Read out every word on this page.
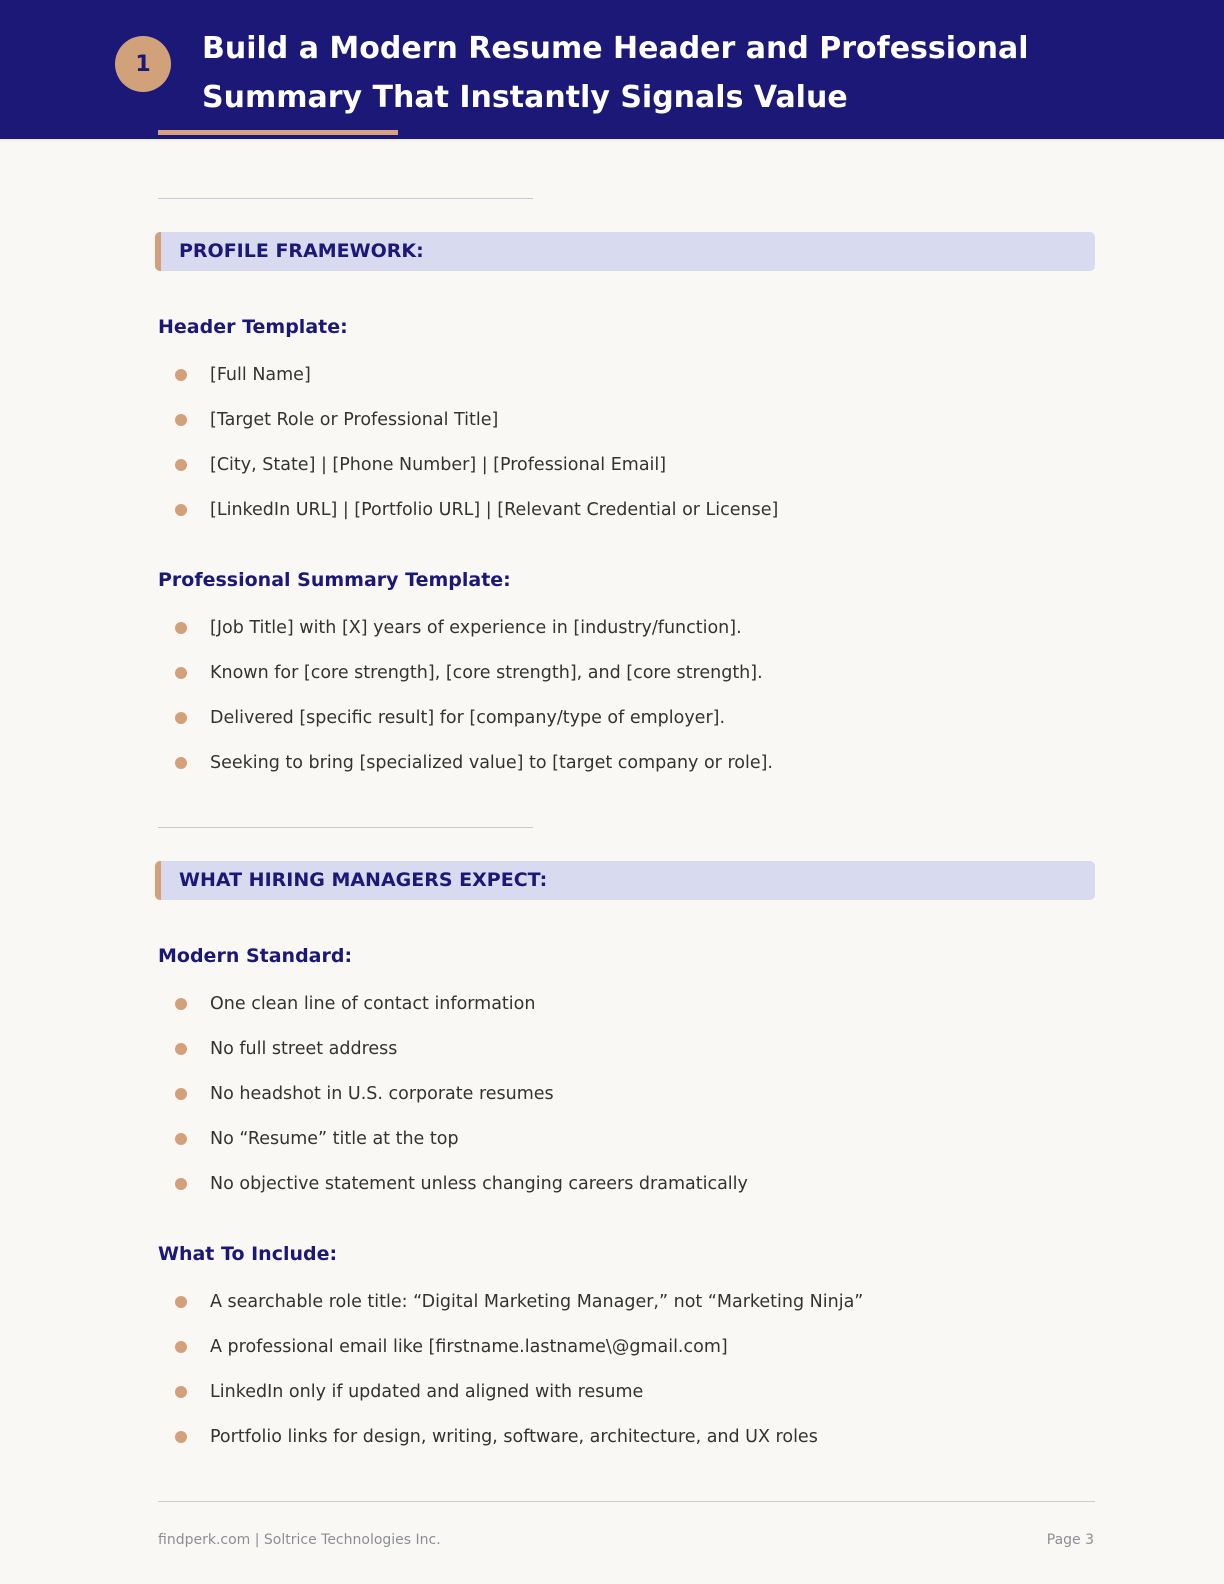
1	Build a Modern Resume Header and Professional Summary That Instantly Signals Value
PROFILE FRAMEWORK:
Header Template:
[Full Name]
[Target Role or Professional Title]
[City, State] | [Phone Number] | [Professional Email]
[LinkedIn URL] | [Portfolio URL] | [Relevant Credential or License]
Professional Summary Template:
[Job Title] with [X] years of experience in [industry/function].
Known for [core strength], [core strength], and [core strength].
Delivered [specific result] for [company/type of employer].
Seeking to bring [specialized value] to [target company or role].
WHAT HIRING MANAGERS EXPECT:
Modern Standard:
One clean line of contact information
No full street address
No headshot in U.S. corporate resumes
No “Resume” title at the top
No objective statement unless changing careers dramatically
What To Include:
A searchable role title: “Digital Marketing Manager,” not “Marketing Ninja”
A professional email like [firstname.lastname\@gmail.com]
LinkedIn only if updated and aligned with resume
Portfolio links for design, writing, software, architecture, and UX roles
findperk.com | Soltrice Technologies Inc.	Page 3
